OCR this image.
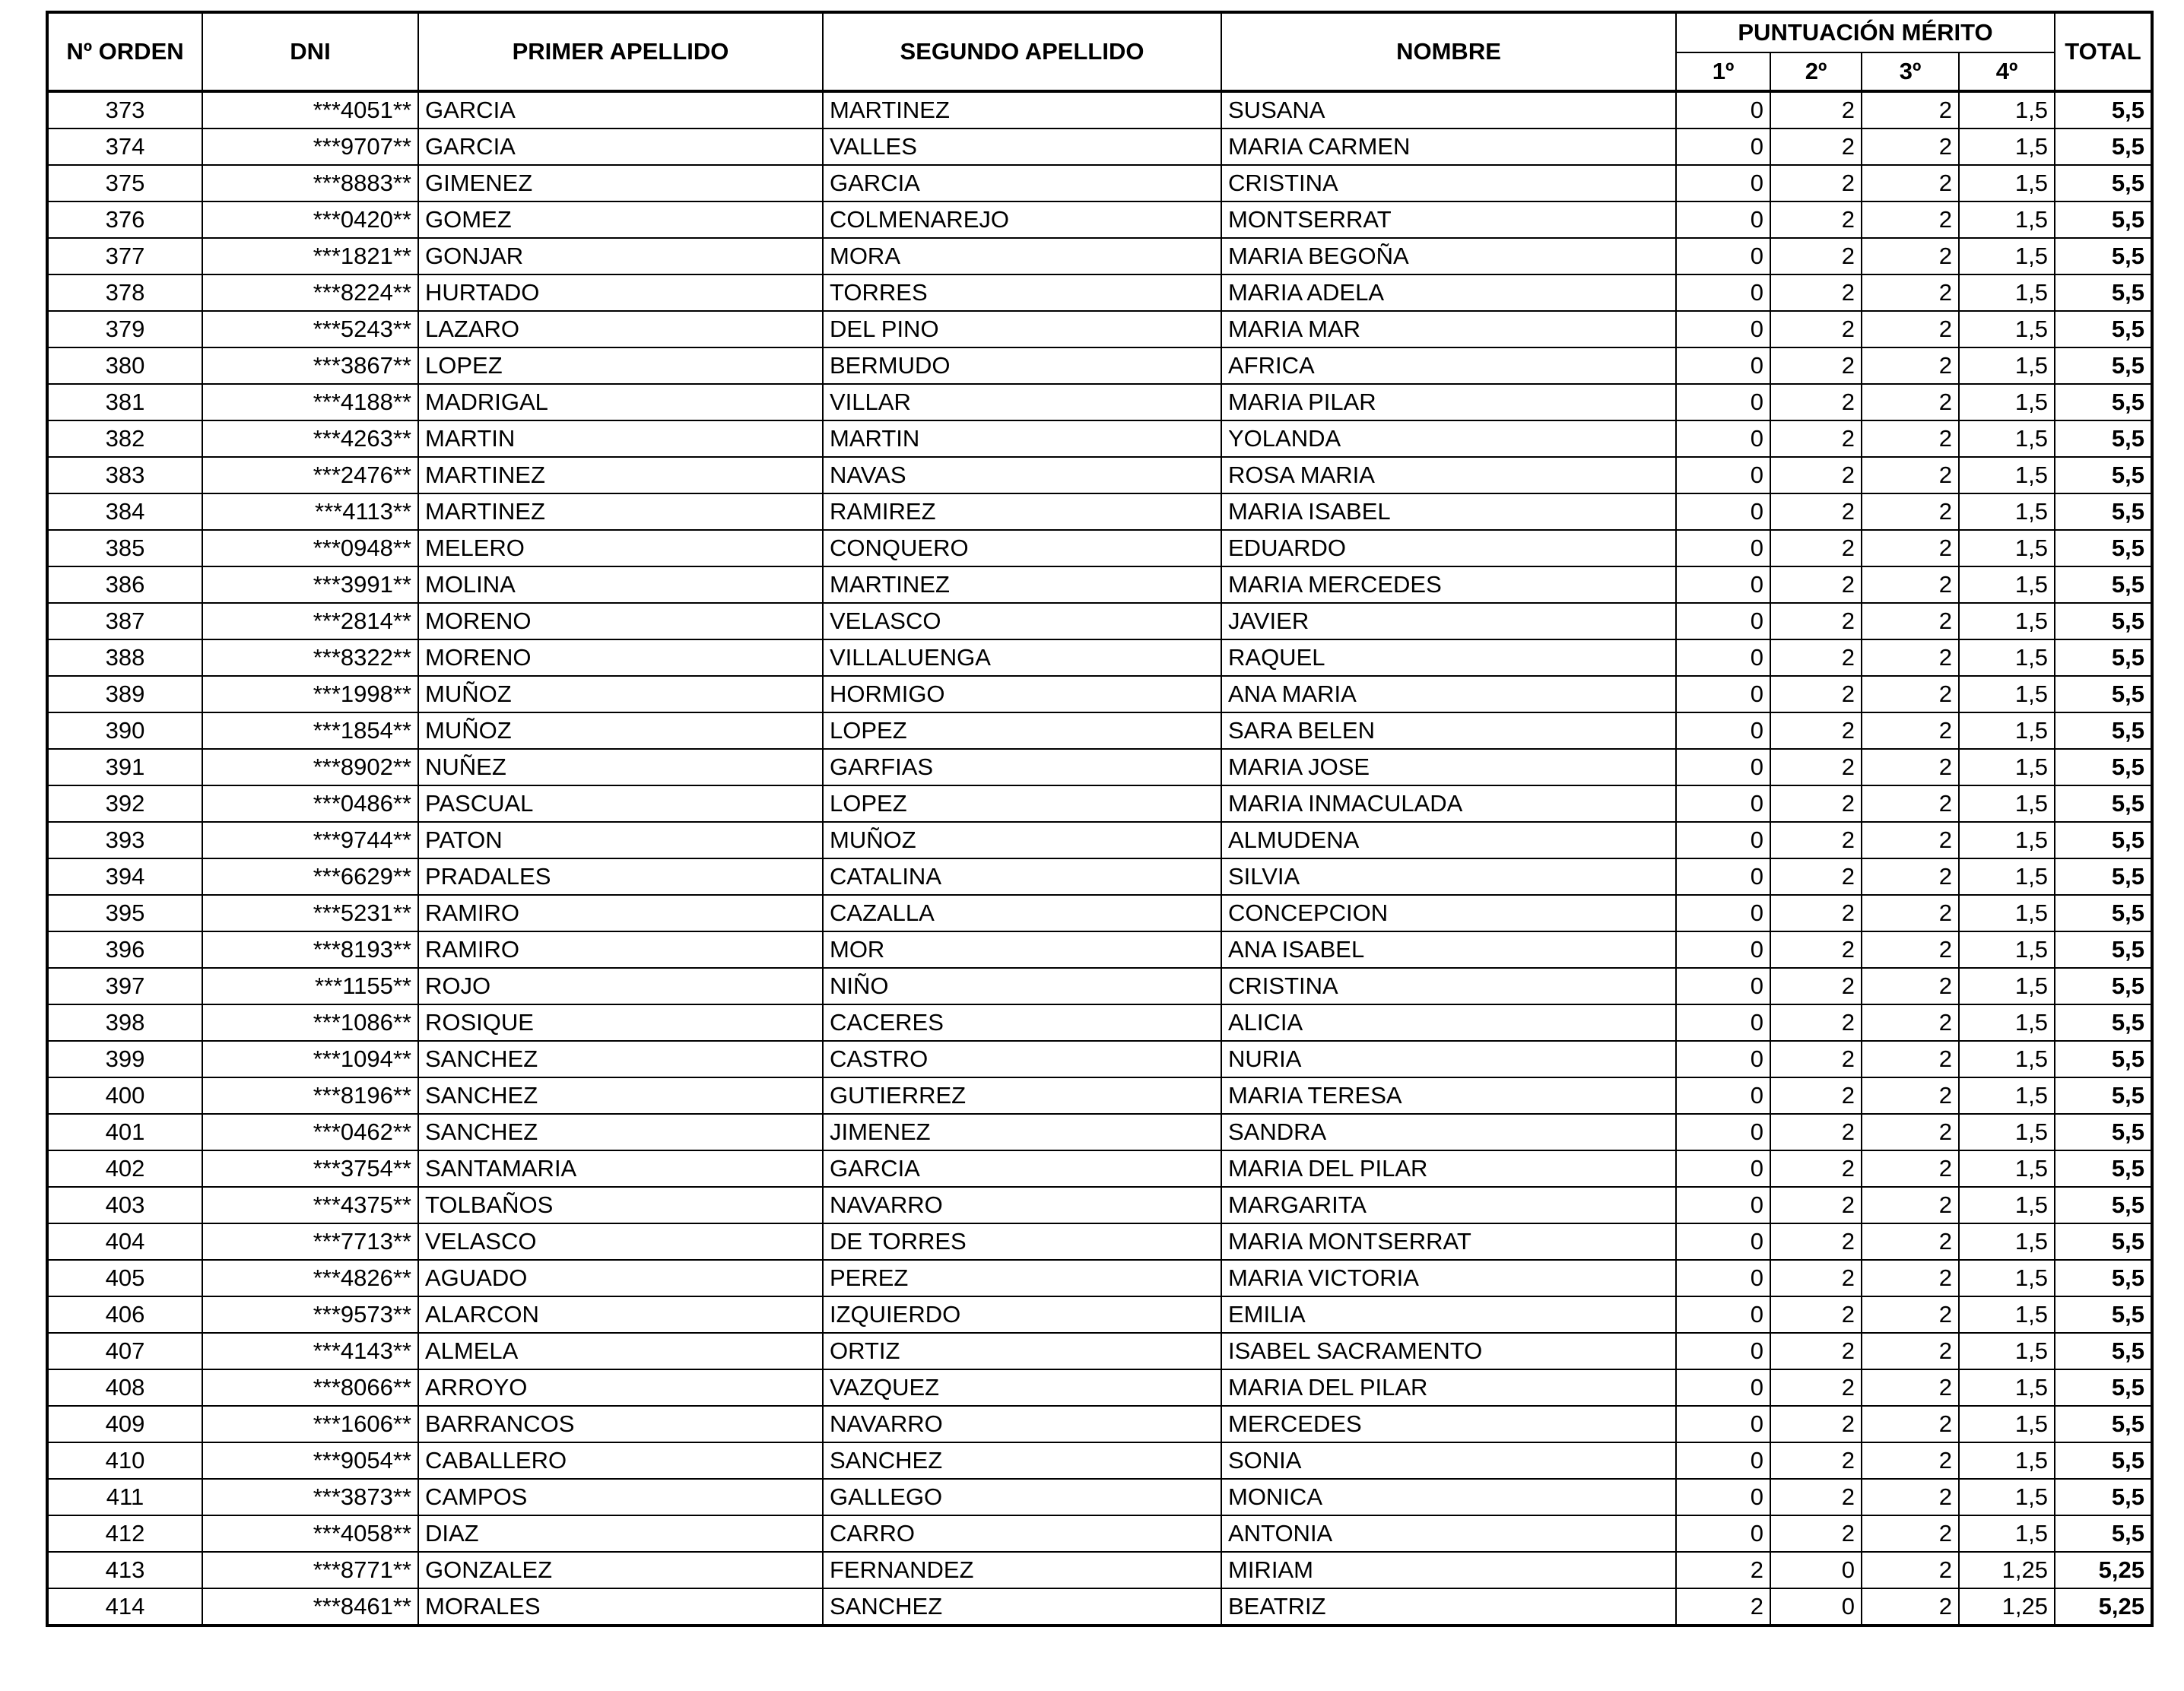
Nº ORDEN	DNI	PRIMER APELLIDO	SEGUNDO APELLIDO	NOMBRE	PUNTUACIÓN MÉRITO				TOTAL
					1º	2º	3º	4º	
373	***4051**	GARCIA	MARTINEZ	SUSANA	0	2	2	1,5	5,5
374	***9707**	GARCIA	VALLES	MARIA CARMEN	0	2	2	1,5	5,5
375	***8883**	GIMENEZ	GARCIA	CRISTINA	0	2	2	1,5	5,5
376	***0420**	GOMEZ	COLMENAREJO	MONTSERRAT	0	2	2	1,5	5,5
377	***1821**	GONJAR	MORA	MARIA BEGOÑA	0	2	2	1,5	5,5
378	***8224**	HURTADO	TORRES	MARIA ADELA	0	2	2	1,5	5,5
379	***5243**	LAZARO	DEL PINO	MARIA MAR	0	2	2	1,5	5,5
380	***3867**	LOPEZ	BERMUDO	AFRICA	0	2	2	1,5	5,5
381	***4188**	MADRIGAL	VILLAR	MARIA PILAR	0	2	2	1,5	5,5
382	***4263**	MARTIN	MARTIN	YOLANDA	0	2	2	1,5	5,5
383	***2476**	MARTINEZ	NAVAS	ROSA MARIA	0	2	2	1,5	5,5
384	***4113**	MARTINEZ	RAMIREZ	MARIA ISABEL	0	2	2	1,5	5,5
385	***0948**	MELERO	CONQUERO	EDUARDO	0	2	2	1,5	5,5
386	***3991**	MOLINA	MARTINEZ	MARIA MERCEDES	0	2	2	1,5	5,5
387	***2814**	MORENO	VELASCO	JAVIER	0	2	2	1,5	5,5
388	***8322**	MORENO	VILLALUENGA	RAQUEL	0	2	2	1,5	5,5
389	***1998**	MUÑOZ	HORMIGO	ANA MARIA	0	2	2	1,5	5,5
390	***1854**	MUÑOZ	LOPEZ	SARA BELEN	0	2	2	1,5	5,5
391	***8902**	NUÑEZ	GARFIAS	MARIA JOSE	0	2	2	1,5	5,5
392	***0486**	PASCUAL	LOPEZ	MARIA INMACULADA	0	2	2	1,5	5,5
393	***9744**	PATON	MUÑOZ	ALMUDENA	0	2	2	1,5	5,5
394	***6629**	PRADALES	CATALINA	SILVIA	0	2	2	1,5	5,5
395	***5231**	RAMIRO	CAZALLA	CONCEPCION	0	2	2	1,5	5,5
396	***8193**	RAMIRO	MOR	ANA ISABEL	0	2	2	1,5	5,5
397	***1155**	ROJO	NIÑO	CRISTINA	0	2	2	1,5	5,5
398	***1086**	ROSIQUE	CACERES	ALICIA	0	2	2	1,5	5,5
399	***1094**	SANCHEZ	CASTRO	NURIA	0	2	2	1,5	5,5
400	***8196**	SANCHEZ	GUTIERREZ	MARIA TERESA	0	2	2	1,5	5,5
401	***0462**	SANCHEZ	JIMENEZ	SANDRA	0	2	2	1,5	5,5
402	***3754**	SANTAMARIA	GARCIA	MARIA DEL PILAR	0	2	2	1,5	5,5
403	***4375**	TOLBAÑOS	NAVARRO	MARGARITA	0	2	2	1,5	5,5
404	***7713**	VELASCO	DE TORRES	MARIA MONTSERRAT	0	2	2	1,5	5,5
405	***4826**	AGUADO	PEREZ	MARIA VICTORIA	0	2	2	1,5	5,5
406	***9573**	ALARCON	IZQUIERDO	EMILIA	0	2	2	1,5	5,5
407	***4143**	ALMELA	ORTIZ	ISABEL SACRAMENTO	0	2	2	1,5	5,5
408	***8066**	ARROYO	VAZQUEZ	MARIA DEL PILAR	0	2	2	1,5	5,5
409	***1606**	BARRANCOS	NAVARRO	MERCEDES	0	2	2	1,5	5,5
410	***9054**	CABALLERO	SANCHEZ	SONIA	0	2	2	1,5	5,5
411	***3873**	CAMPOS	GALLEGO	MONICA	0	2	2	1,5	5,5
412	***4058**	DIAZ	CARRO	ANTONIA	0	2	2	1,5	5,5
413	***8771**	GONZALEZ	FERNANDEZ	MIRIAM	2	0	2	1,25	5,25
414	***8461**	MORALES	SANCHEZ	BEATRIZ	2	0	2	1,25	5,25
